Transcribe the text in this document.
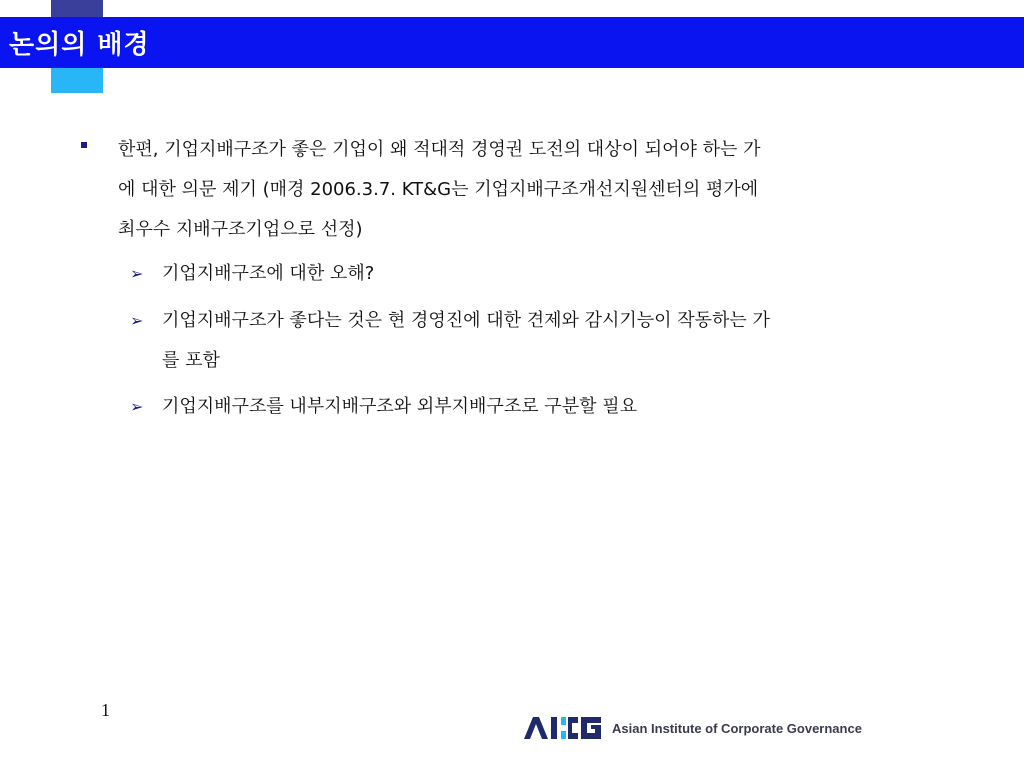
논의의 배경
한편, 기업지배구조가 좋은 기업이 왜 적대적 경영권 도전의 대상이 되어야 하는 가
에 대한 의문 제기 (매경 2006.3.7. KT&G는 기업지배구조개선지원센터의 평가에
최우수 지배구조기업으로 선정)
➢	기업지배구조에 대한 오해?
➢	기업지배구조가 좋다는 것은 현 경영진에 대한 견제와 감시기능이 작동하는 가
를 포함
➢	기업지배구조를 내부지배구조와 외부지배구조로 구분할 필요
1
Asian Institute of Corporate Governance
